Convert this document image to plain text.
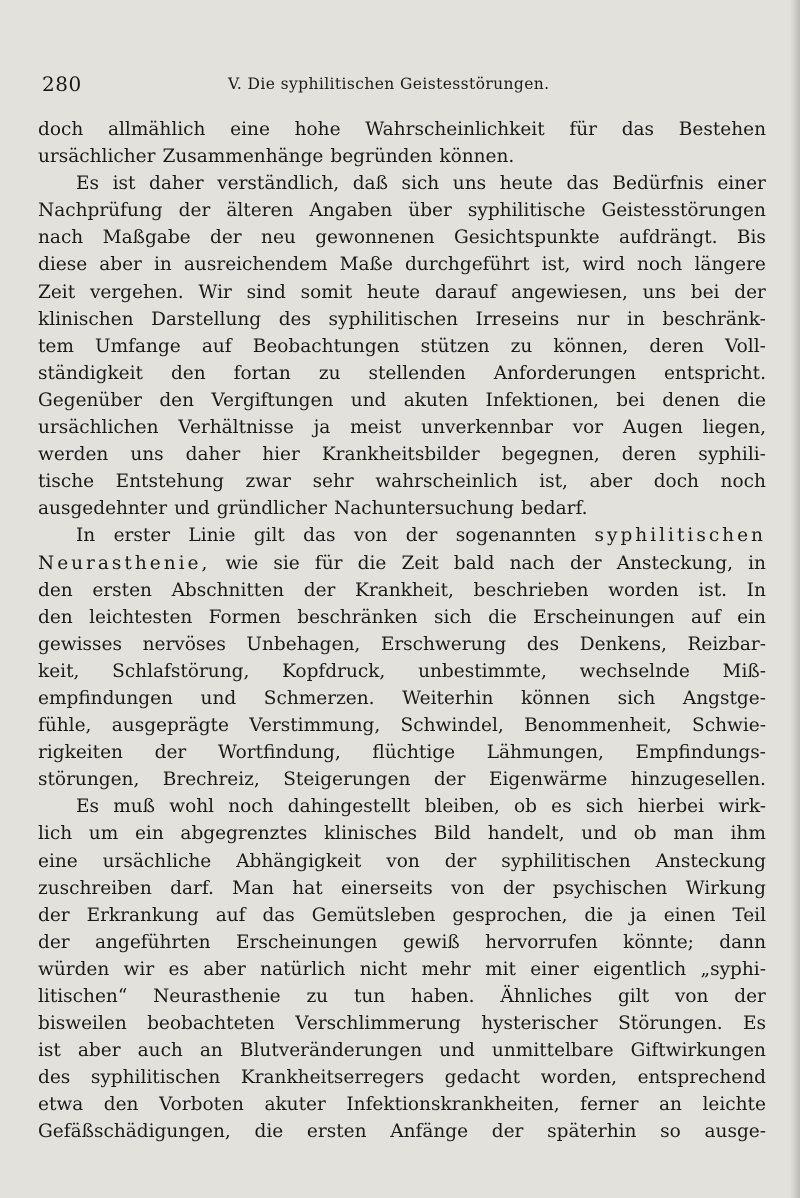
280	V. Die syphilitischen Geistesstörungen.
doch allmählich eine hohe Wahrscheinlichkeit für das Bestehen
ursächlicher Zusammenhänge begründen können.
Es ist daher verständlich, daß sich uns heute das Bedürfnis einer
Nachprüfung der älteren Angaben über syphilitische Geistesstörungen
nach Maßgabe der neu gewonnenen Gesichtspunkte aufdrängt. Bis
diese aber in ausreichendem Maße durchgeführt ist, wird noch längere
Zeit vergehen. Wir sind somit heute darauf angewiesen, uns bei der
klinischen Darstellung des syphilitischen Irreseins nur in beschränk-
tem Umfange auf Beobachtungen stützen zu können, deren Voll-
ständigkeit den fortan zu stellenden Anforderungen entspricht.
Gegenüber den Vergiftungen und akuten Infektionen, bei denen die
ursächlichen Verhältnisse ja meist unverkennbar vor Augen liegen,
werden uns daher hier Krankheitsbilder begegnen, deren syphili-
tische Entstehung zwar sehr wahrscheinlich ist, aber doch noch
ausgedehnter und gründlicher Nachuntersuchung bedarf.
In erster Linie gilt das von der sogenannten syphilitischen
Neurasthenie, wie sie für die Zeit bald nach der Ansteckung, in
den ersten Abschnitten der Krankheit, beschrieben worden ist. In
den leichtesten Formen beschränken sich die Erscheinungen auf ein
gewisses nervöses Unbehagen, Erschwerung des Denkens, Reizbar-
keit, Schlafstörung, Kopfdruck, unbestimmte, wechselnde Miß-
empfindungen und Schmerzen. Weiterhin können sich Angstge-
fühle, ausgeprägte Verstimmung, Schwindel, Benommenheit, Schwie-
rigkeiten der Wortfindung, flüchtige Lähmungen, Empfindungs-
störungen, Brechreiz, Steigerungen der Eigenwärme hinzugesellen.
Es muß wohl noch dahingestellt bleiben, ob es sich hierbei wirk-
lich um ein abgegrenztes klinisches Bild handelt, und ob man ihm
eine ursächliche Abhängigkeit von der syphilitischen Ansteckung
zuschreiben darf. Man hat einerseits von der psychischen Wirkung
der Erkrankung auf das Gemütsleben gesprochen, die ja einen Teil
der angeführten Erscheinungen gewiß hervorrufen könnte; dann
würden wir es aber natürlich nicht mehr mit einer eigentlich „syphi-
litischen“ Neurasthenie zu tun haben. Ähnliches gilt von der
bisweilen beobachteten Verschlimmerung hysterischer Störungen. Es
ist aber auch an Blutveränderungen und unmittelbare Giftwirkungen
des syphilitischen Krankheitserregers gedacht worden, entsprechend
etwa den Vorboten akuter Infektionskrankheiten, ferner an leichte
Gefäßschädigungen, die ersten Anfänge der späterhin so ausge-
